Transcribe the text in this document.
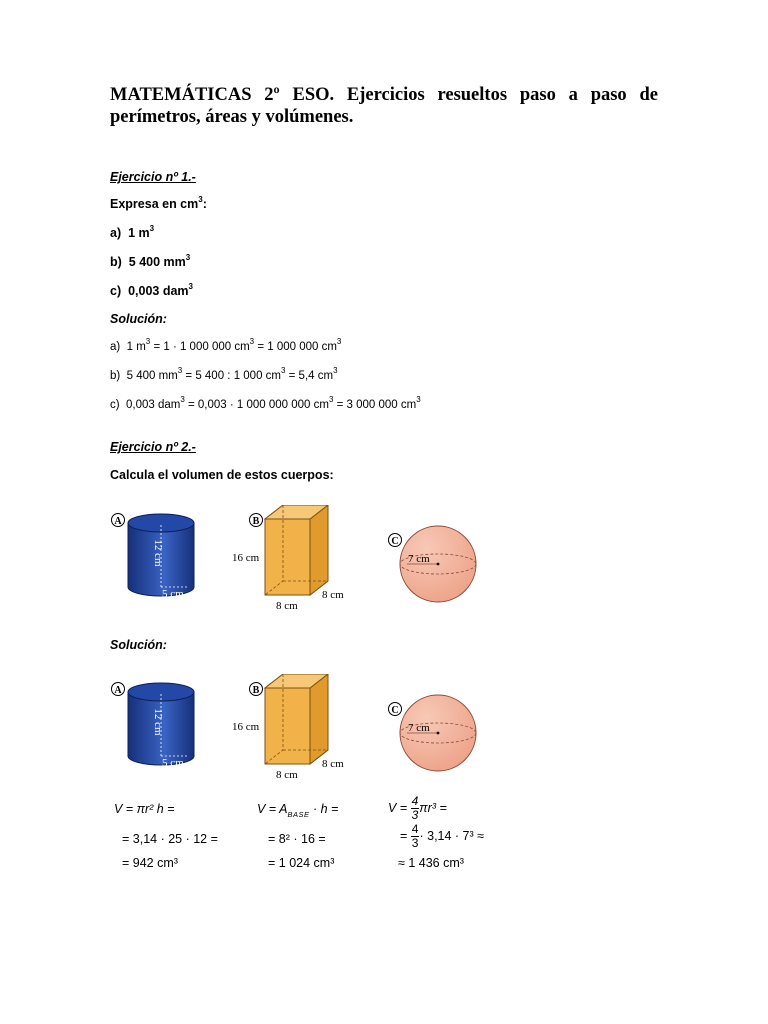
MATEMÁTICAS 2º ESO. Ejercicios resueltos paso a paso de perímetros, áreas y volúmenes.
Ejercicio nº 1.-
Expresa en $cm^3$:
a) 1 $m^3$
b) 5 400 $mm^3$
c) 0,003 dam$^3$
Solución:
a) 1 $m^3 = 1 \cdot 1$ 000 000 $cm^3 = 1$ 000 000 $cm^3$
b) 5 400 $mm^3 = 5$ 400 : 1 000 $cm^3 = 5,4$ $cm^3$
c) 0,003 dam$^3$ = 0,003 · 1 000 000 000 $cm^3 = 3$ 000 000 $cm^3$
Ejercicio nº 2.-
Calcula el volumen de estos cuerpos:
A
12 cm
5 cm
B
16 cm
8 cm
8 cm
C
7 cm
Solución:
A
12 cm
5 cm
B
16 cm
8 cm
8 cm
C
7 cm
V = πr² h =
= 3,14 · 25 · 12 =
= 942 cm³
$V = A_{BASE} \cdot h$ =
= 8² · 16 =
= 1 024 cm³
$V = \frac{4}{3} \pi r^3$ =
= $\frac{4}{3} \cdot 3,14 \cdot 7^3$ ≈
≈ 1 436 cm³
